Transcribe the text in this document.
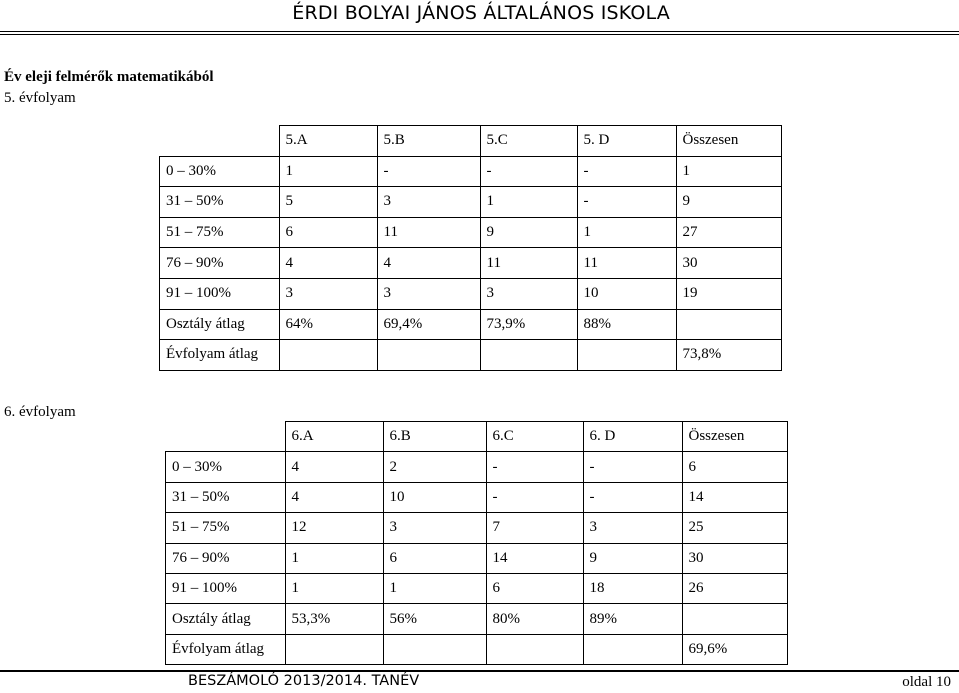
ÉRDI BOLYAI JÁNOS ÁLTALÁNOS ISKOLA
Év eleji felmérők matematikából
5. évfolyam
	5.A	5.B	5.C	5. D	Összesen
0 – 30%	1	-	-	-	1
31 – 50%	5	3	1	-	9
51 – 75%	6	11	9	1	27
76 – 90%	4	4	11	11	30
91 – 100%	3	3	3	10	19
Osztály átlag	64%	69,4%	73,9%	88%	
Évfolyam átlag					73,8%
6. évfolyam
	6.A	6.B	6.C	6. D	Összesen
0 – 30%	4	2	-	-	6
31 – 50%	4	10	-	-	14
51 – 75%	12	3	7	3	25
76 – 90%	1	6	14	9	30
91 – 100%	1	1	6	18	26
Osztály átlag	53,3%	56%	80%	89%	
Évfolyam átlag					69,6%
BESZÁMOLÓ 2013/2014. TANÉV	oldal 10
